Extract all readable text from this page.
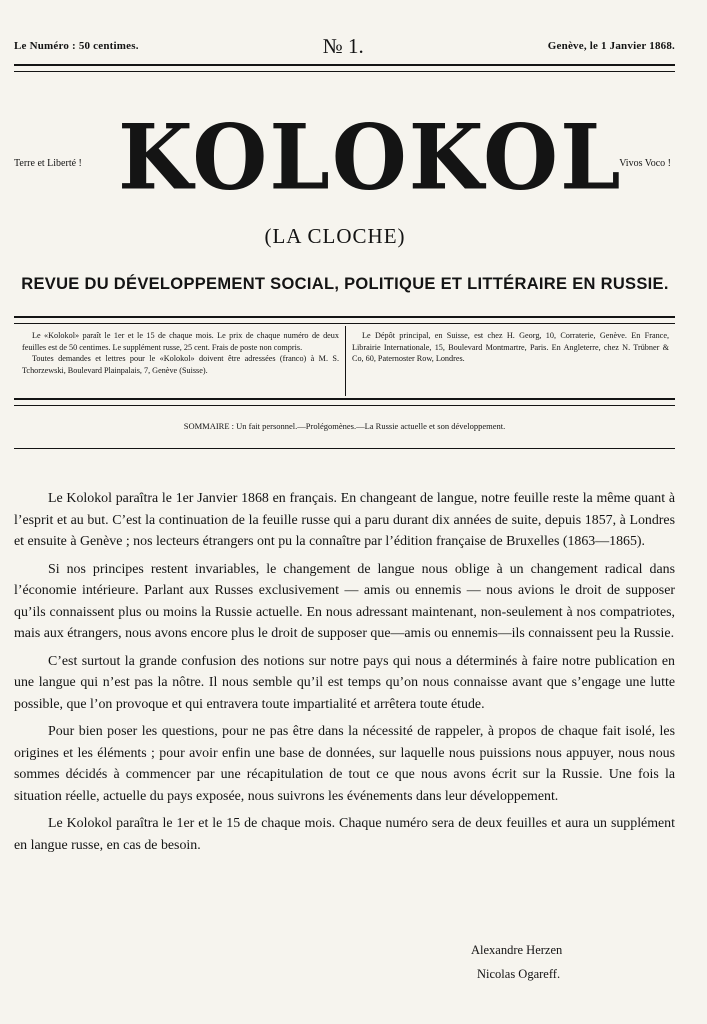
Le Numéro : 50 centimes.	№ 1.	Genève, le 1 Janvier 1868.
Terre et Liberté ! KOLOKOL
Vivos Voco !
(LA CLOCHE)
REVUE DU DÉVELOPPEMENT SOCIAL, POLITIQUE ET LITTÉRAIRE EN RUSSIE.

Le «Kolokol» paraît le 1er et le 15 de chaque mois. Le prix de chaque numéro de deux feuilles est de 50 centimes. Le supplément russe, 25 cent. Frais de poste non compris.

Toutes demandes et lettres pour le «Kolokol» doivent être adressées (franco) à M. S. Tchorzewski, Boulevard Plainpalais, 7, Genève (Suisse).

Le Dépôt principal, en Suisse, est chez H. Georg, 10, Corraterie, Genève. En France, Librairie Internationale, 15, Boulevard Montmartre, Paris. En Angleterre, chez N. Trübner & Co, 60, Paternoster Row, Londres.

SOMMAIRE : Un fait personnel.—Prolégomènes.—La Russie actuelle et son développement.

Le Kolokol paraîtra le 1er Janvier 1868 en français. En changeant de langue, notre feuille reste la même quant à l’esprit et au but. C’est la continuation de la feuille russe qui a paru durant dix années de suite, depuis 1857, à Londres et ensuite à Genève ; nos lecteurs étrangers ont pu la connaître par l’édition française de Bruxelles (1863—1865).

Si nos principes restent invariables, le changement de langue nous oblige à un changement radical dans l’économie intérieure. Parlant aux Russes exclusivement — amis ou ennemis — nous avions le droit de supposer qu’ils connaissent plus ou moins la Russie actuelle. En nous adressant maintenant, non-seulement à nos compatriotes, mais aux étrangers, nous avons encore plus le droit de supposer que—amis ou ennemis—ils connaissent peu la Russie.

C’est surtout la grande confusion des notions sur notre pays qui nous a déterminés à faire notre publication en une langue qui n’est pas la nôtre. Il nous semble qu’il est temps qu’on nous connaisse avant que s’engage une lutte possible, que l’on provoque et qui entravera toute impartialité et arrêtera toute étude.

Pour bien poser les questions, pour ne pas être dans la nécessité de rappeler, à propos de chaque fait isolé, les origines et les éléments ; pour avoir enfin une base de données, sur laquelle nous puissions nous appuyer, nous nous sommes décidés à commencer par une récapitulation de tout ce que nous avons écrit sur la Russie. Une fois la situation réelle, actuelle du pays exposée, nous suivrons les événements dans leur développement.

Le Kolokol paraîtra le 1er et le 15 de chaque mois. Chaque numéro sera de deux feuilles et aura un supplément en langue russe, en cas de besoin.

Alexandre Herzen
Nicolas Ogareff.
